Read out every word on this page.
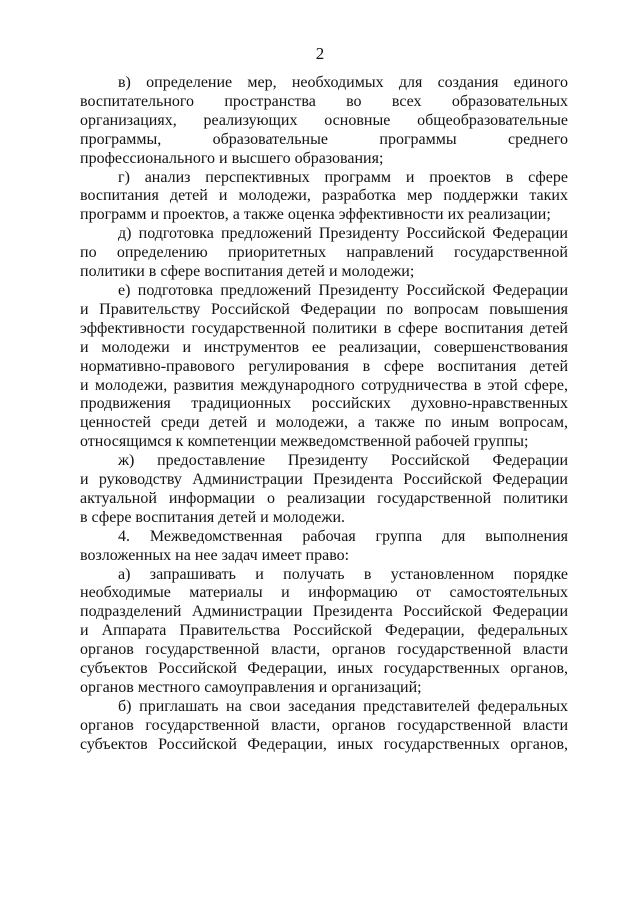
2

в) определение мер, необходимых для создания единого
воспитательного пространства во всех образовательных
организациях, реализующих основные общеобразовательные
программы, образовательные программы среднего
профессионального и высшего образования;

г) анализ перспективных программ и проектов в сфере
воспитания детей и молодежи, разработка мер поддержки таких
программ и проектов, а также оценка эффективности их реализации;

д) подготовка предложений Президенту Российской Федерации
по определению приоритетных направлений государственной
политики в сфере воспитания детей и молодежи;

е) подготовка предложений Президенту Российской Федерации
и Правительству Российской Федерации по вопросам повышения
эффективности государственной политики в сфере воспитания детей
и молодежи и инструментов ее реализации, совершенствования
нормативно-правового регулирования в сфере воспитания детей
и молодежи, развития международного сотрудничества в этой сфере,
продвижения традиционных российских духовно-нравственных
ценностей среди детей и молодежи, а также по иным вопросам,
относящимся к компетенции межведомственной рабочей группы;

ж) предоставление Президенту Российской Федерации
и руководству Администрации Президента Российской Федерации
актуальной информации о реализации государственной политики
в сфере воспитания детей и молодежи.

4. Межведомственная рабочая группа для выполнения
возложенных на нее задач имеет право:

а) запрашивать и получать в установленном порядке
необходимые материалы и информацию от самостоятельных
подразделений Администрации Президента Российской Федерации
и Аппарата Правительства Российской Федерации, федеральных
органов государственной власти, органов государственной власти
субъектов Российской Федерации, иных государственных органов,
органов местного самоуправления и организаций;

б) приглашать на свои заседания представителей федеральных
органов государственной власти, органов государственной власти
субъектов Российской Федерации, иных государственных органов,
